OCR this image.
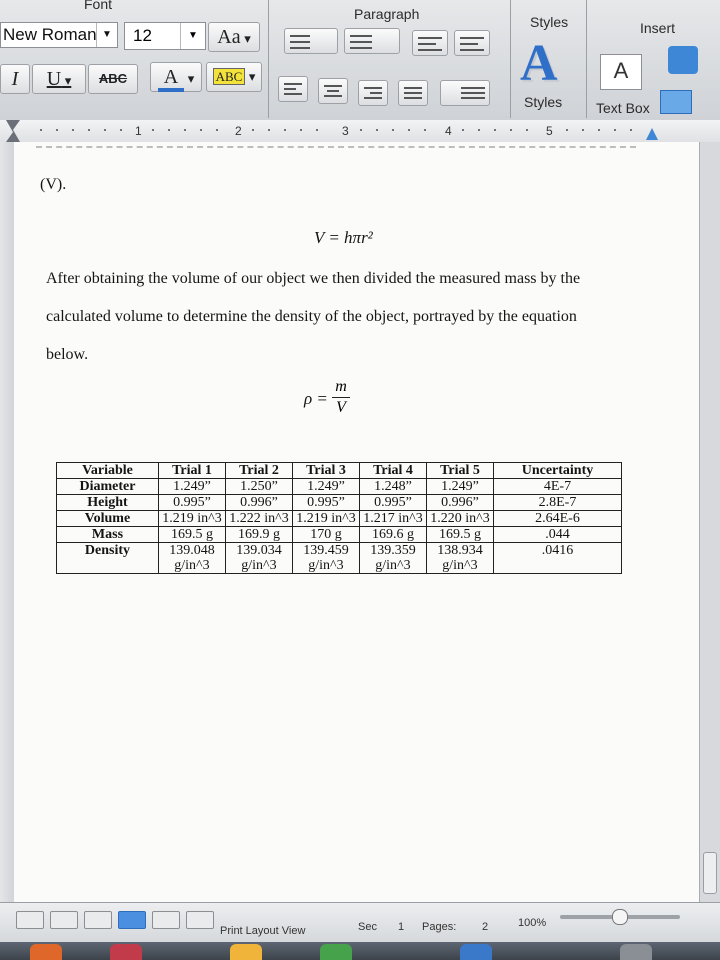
Font
Paragraph	Styles	Insert
New Roman ▼	12	▼ Aa ▾
I	U ▾	ABC	A ▾	ABC ▾	A
Styles
A
Text Box
1	2	3	4	5
(V).
V = hπr²
After obtaining the volume of our object we then divided the measured mass by the calculated volume to determine the density of the object, portrayed by the equation below.
ρ =
m
V
Variable	Trial 1	Trial 2	Trial 3	Trial 4	Trial 5	Uncertainty
Diameter	1.249”	1.250”	1.249”	1.248”	1.249”	4E-7
Height	0.995”	0.996”	0.995”	0.995”	0.996”	2.8E-7
Volume	1.219 in^3	1.222 in^3	1.219 in^3	1.217 in^3	1.220 in^3	2.64E-6
Mass	169.5 g	169.9 g	170 g	169.6 g	169.5 g	.044
Density	139.048 g/in^3	139.034 g/in^3	139.459 g/in^3	139.359 g/in^3	138.934 g/in^3	.0416
Print Layout View	Sec 1 Pages: 2	100%
